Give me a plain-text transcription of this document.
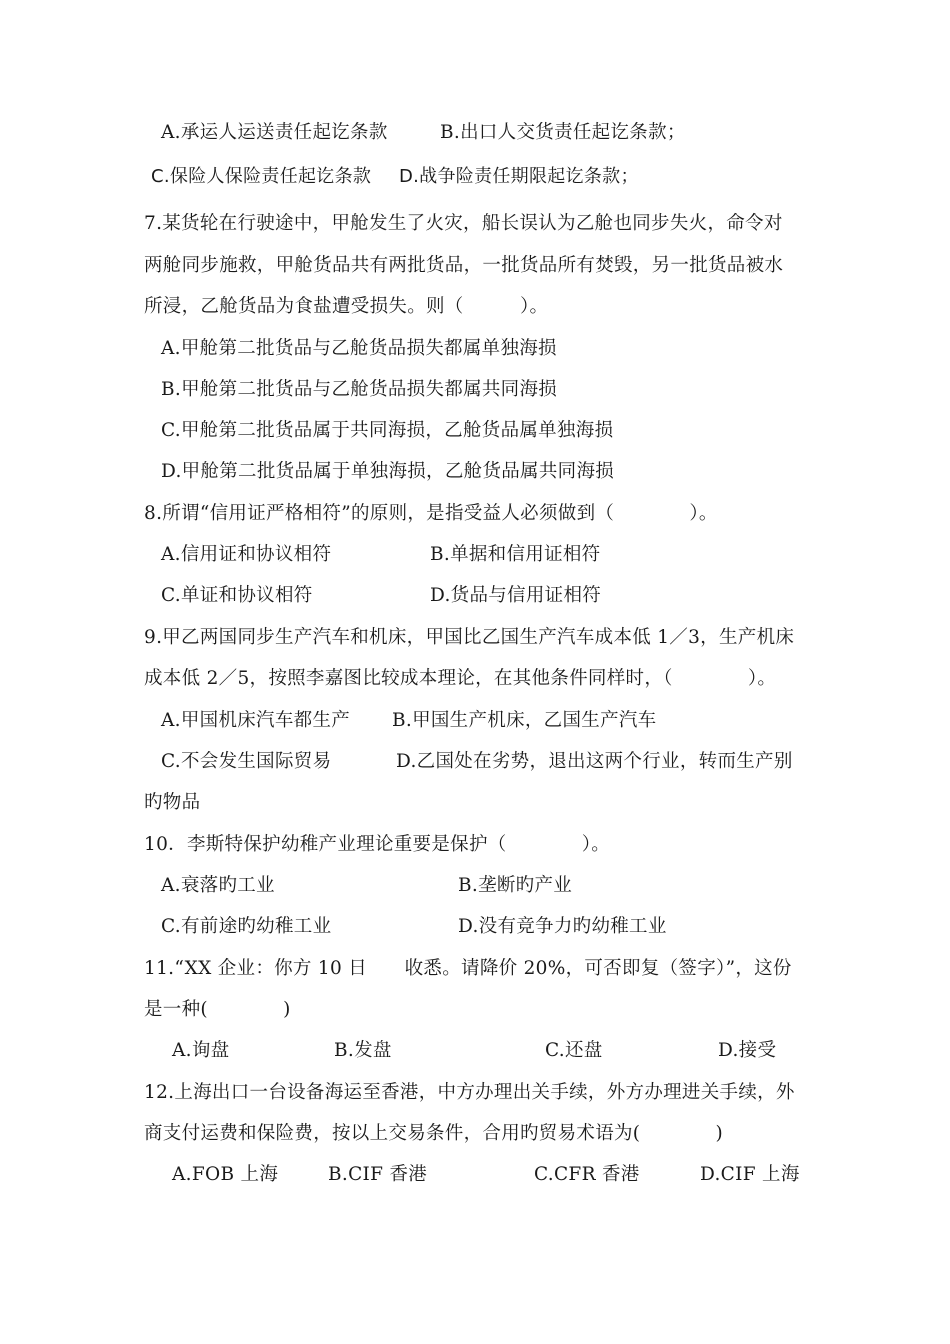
A.承运人运送责任起讫条款	B.出口人交货责任起讫条款；
C.保险人保险责任起讫条款 D.战争险责任期限起讫条款；
7.某货轮在行驶途中，甲舱发生了火灾，船长误认为乙舱也同步失火，命令对
两舱同步施救，甲舱货品共有两批货品，一批货品所有焚毁，另一批货品被水
所浸，乙舱货品为食盐遭受损失。则（　　　）。
A.甲舱第二批货品与乙舱货品损失都属单独海损
B.甲舱第二批货品与乙舱货品损失都属共同海损
C.甲舱第二批货品属于共同海损，乙舱货品属单独海损
D.甲舱第二批货品属于单独海损，乙舱货品属共同海损
8.所谓“信用证严格相符”的原则，是指受益人必须做到（　　　　）。
A.信用证和协议相符	B.单据和信用证相符
C.单证和协议相符	D.货品与信用证相符
9.甲乙两国同步生产汽车和机床，甲国比乙国生产汽车成本低 1／3，生产机床
成本低 2／5，按照李嘉图比较成本理论，在其他条件同样时，（　　　　）。
A.甲国机床汽车都生产 B.甲国生产机床，乙国生产汽车
C.不会发生国际贸易	D.乙国处在劣势，退出这两个行业，转而生产别
旳物品
10．李斯特保护幼稚产业理论重要是保护（　　　　）。
A.衰落旳工业	B.垄断旳产业
C.有前途旳幼稚工业	D.没有竞争力旳幼稚工业
11.“XX 企业：你方 10 日　　收悉。请降价 20%，可否即复（签字）”，这份
是一种(　　　　)
A.询盘	B.发盘	C.还盘	D.接受
12.上海出口一台设备海运至香港，中方办理出关手续，外方办理进关手续，外
商支付运费和保险费，按以上交易条件，合用旳贸易术语为(　　　　)
A.FOB 上海	B.CIF 香港	C.CFR 香港	D.CIF 上海
